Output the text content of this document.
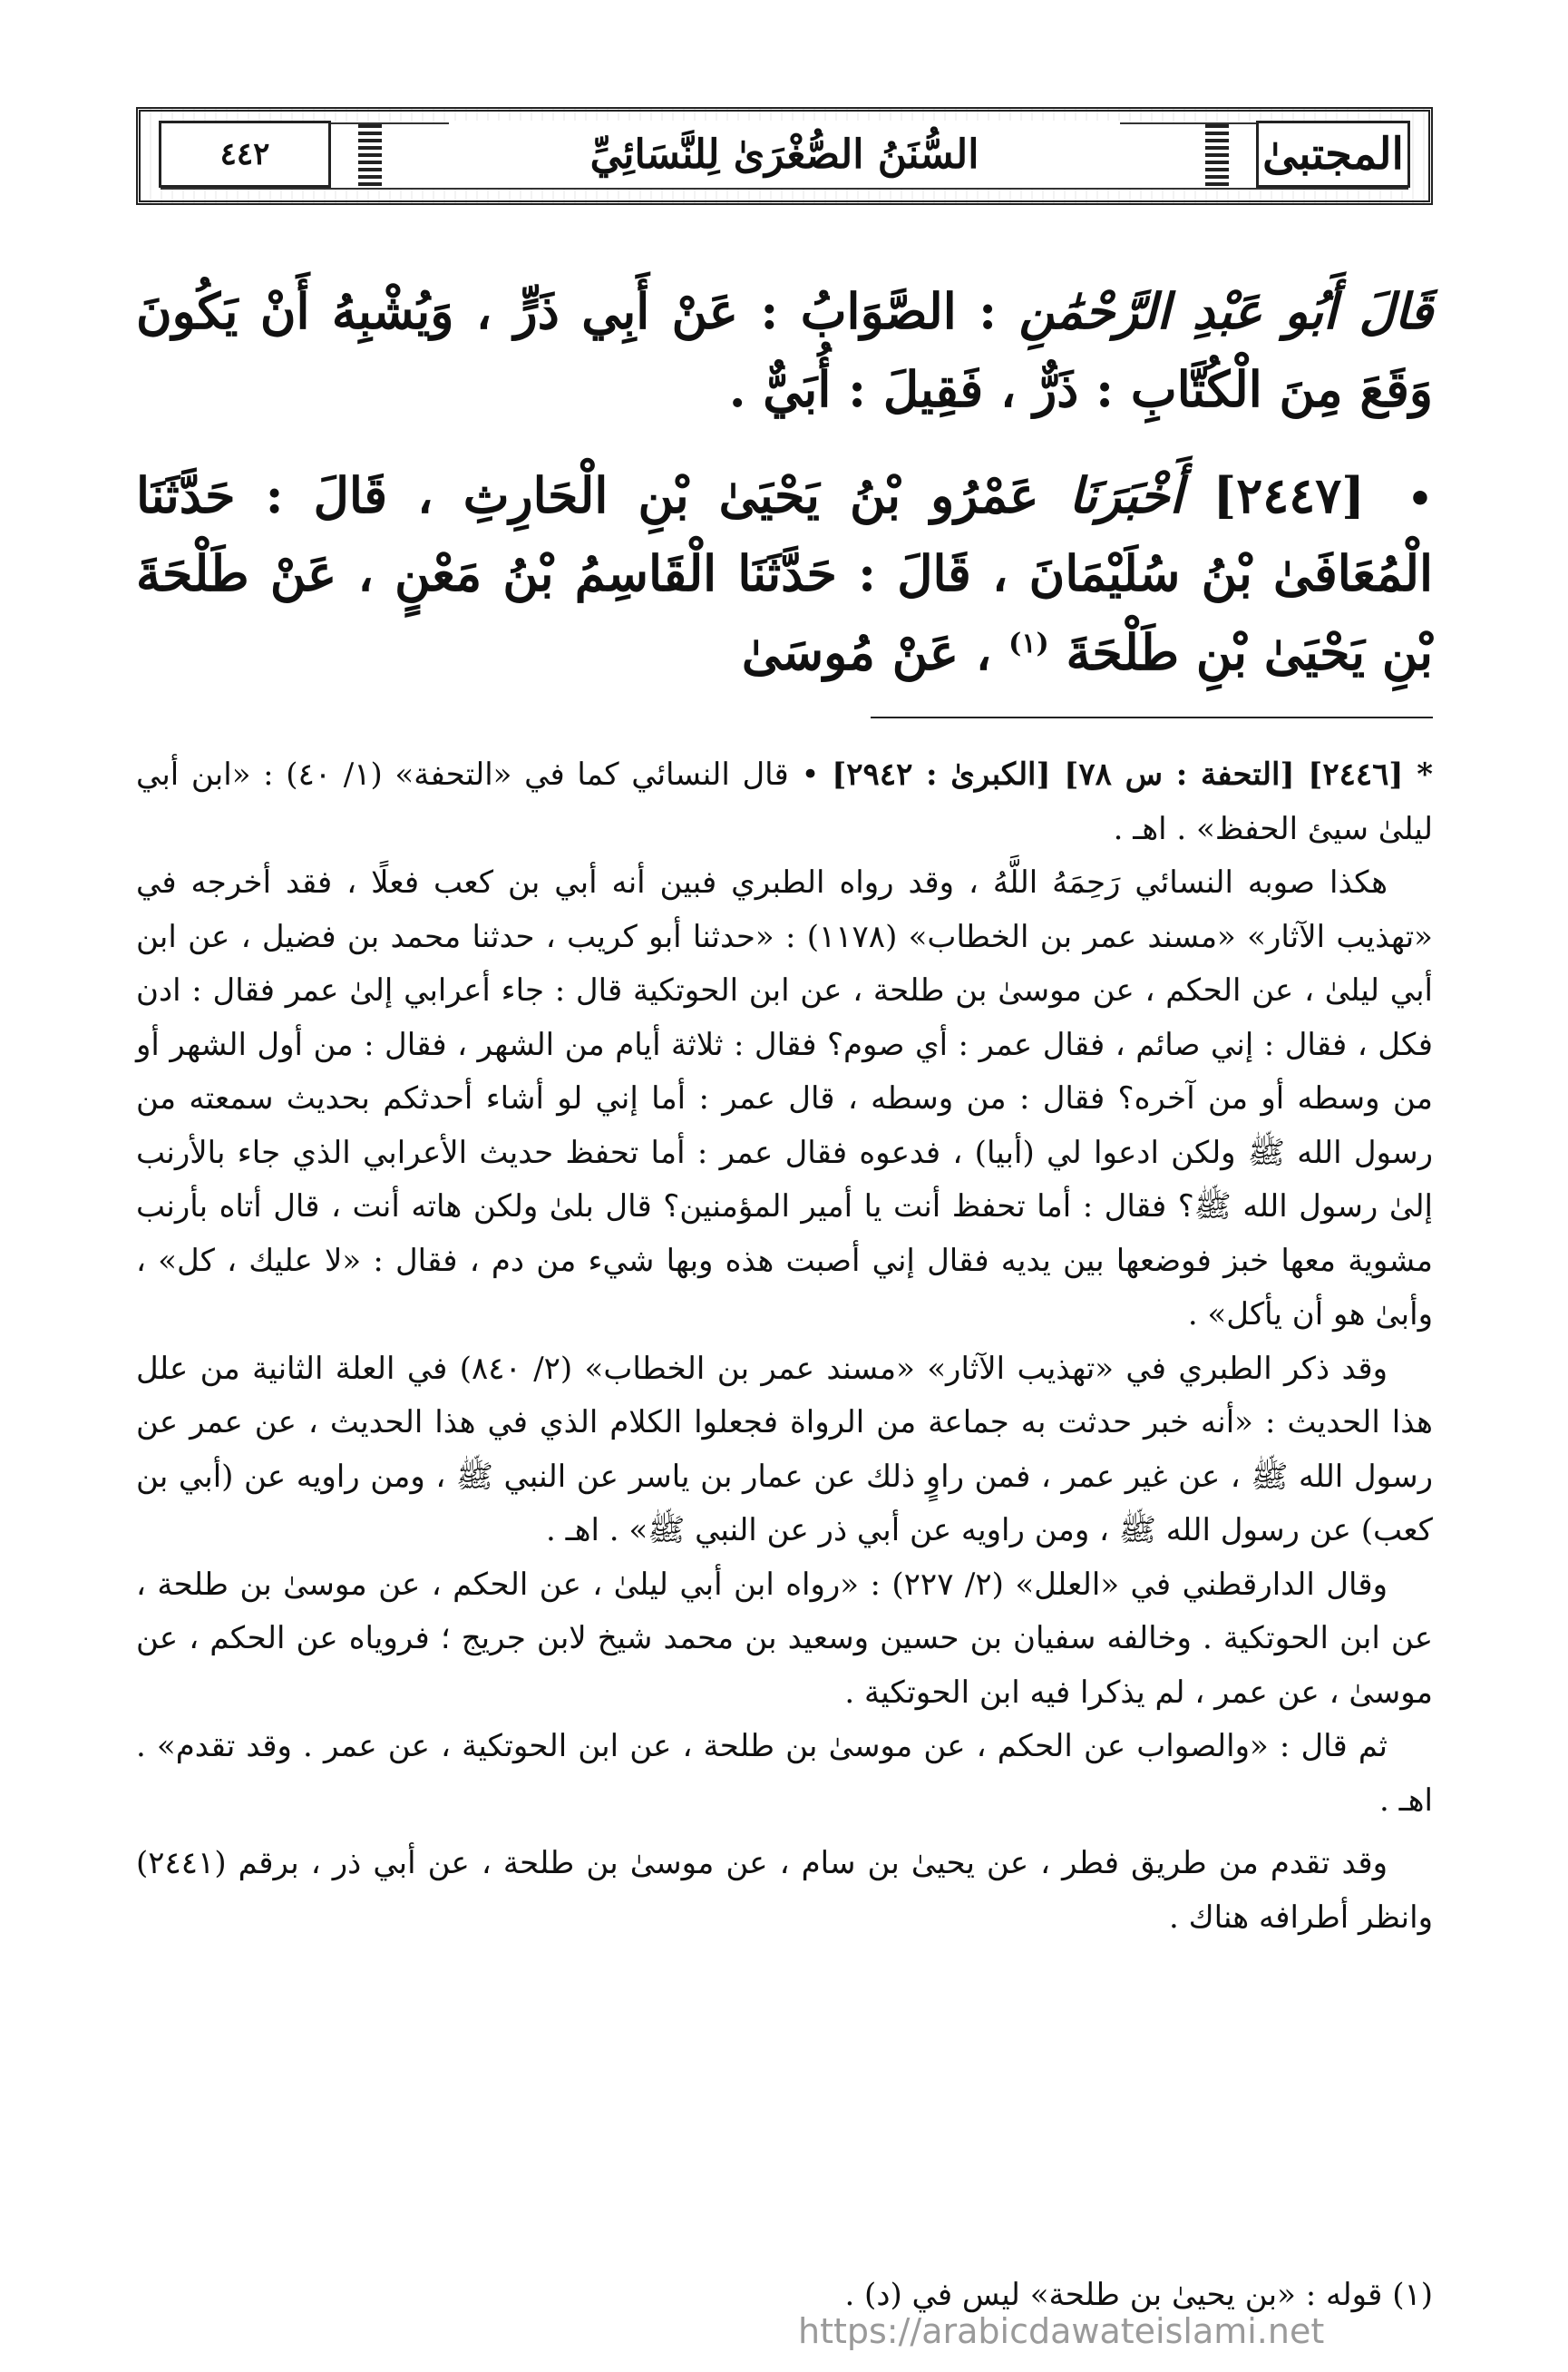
٤٤٢	السُّنَنُ الصُّغْرَىٰ لِلنَّسَائِيِّ	المجتبىٰ
قَالَ أَبُو عَبْدِ الرَّحْمَٰنِ : الصَّوَابُ : عَنْ أَبِي ذَرٍّ ، وَيُشْبِهُ أَنْ يَكُونَ وَقَعَ مِنَ الْكُتَّابِ : ذَرٌّ ، فَقِيلَ : أُبَيٌّ .
• [٢٤٤٧] أَخْبَرَنَا عَمْرُو بْنُ يَحْيَىٰ بْنِ الْحَارِثِ ، قَالَ : حَدَّثَنَا الْمُعَافَىٰ بْنُ سُلَيْمَانَ ، قَالَ : حَدَّثَنَا الْقَاسِمُ بْنُ مَعْنٍ ، عَنْ طَلْحَةَ بْنِ يَحْيَىٰ بْنِ طَلْحَةَ $^{(١)}$ ، عَنْ مُوسَىٰ

* [٢٤٤٦] [التحفة : س ٧٨] [الكبرىٰ : ٢٩٤٢] • قال النسائي كما في «التحفة» (١/ ٤٠) : «ابن أبي ليلىٰ سيئ الحفظ» . اهـ .

هكذا صوبه النسائي رَحِمَهُ اللَّهُ ، وقد رواه الطبري فبين أنه أبي بن كعب فعلًا ، فقد أخرجه في «تهذيب الآثار» «مسند عمر بن الخطاب» (١١٧٨) : «حدثنا أبو كريب ، حدثنا محمد بن فضيل ، عن ابن أبي ليلىٰ ، عن الحكم ، عن موسىٰ بن طلحة ، عن ابن الحوتكية قال : جاء أعرابي إلىٰ عمر فقال : ادن فكل ، فقال : إني صائم ، فقال عمر : أي صوم؟ فقال : ثلاثة أيام من الشهر ، فقال : من أول الشهر أو من وسطه أو من آخره؟ فقال : من وسطه ، قال عمر : أما إني لو أشاء أحدثكم بحديث سمعته من رسول الله ﷺ ولكن ادعوا لي (أبيا) ، فدعوه فقال عمر : أما تحفظ حديث الأعرابي الذي جاء بالأرنب إلىٰ رسول الله ﷺ؟ فقال : أما تحفظ أنت يا أمير المؤمنين؟ قال بلىٰ ولكن هاته أنت ، قال أتاه بأرنب مشوية معها خبز فوضعها بين يديه فقال إني أصبت هذه وبها شيء من دم ، فقال : «لا عليك ، كل» ، وأبىٰ هو أن يأكل» .

وقد ذكر الطبري في «تهذيب الآثار» «مسند عمر بن الخطاب» (٢/ ٨٤٠) في العلة الثانية من علل هذا الحديث : «أنه خبر حدثت به جماعة من الرواة فجعلوا الكلام الذي في هذا الحديث ، عن عمر عن رسول الله ﷺ ، عن غير عمر ، فمن راوٍ ذلك عن عمار بن ياسر عن النبي ﷺ ، ومن راويه عن (أبي بن كعب) عن رسول الله ﷺ ، ومن راويه عن أبي ذر عن النبي ﷺ» . اهـ .

وقال الدارقطني في «العلل» (٢/ ٢٢٧) : «رواه ابن أبي ليلىٰ ، عن الحكم ، عن موسىٰ بن طلحة ، عن ابن الحوتكية . وخالفه سفيان بن حسين وسعيد بن محمد شيخ لابن جريج ؛ فروياه عن الحكم ، عن موسىٰ ، عن عمر ، لم يذكرا فيه ابن الحوتكية .

ثم قال : «والصواب عن الحكم ، عن موسىٰ بن طلحة ، عن ابن الحوتكية ، عن عمر . وقد تقدم» . اهـ .

وقد تقدم من طريق فطر ، عن يحيىٰ بن سام ، عن موسىٰ بن طلحة ، عن أبي ذر ، برقم (٢٤٤١) وانظر أطرافه هناك .

(١) قوله : «بن يحيىٰ بن طلحة» ليس في (د) .
https://arabicdawateislami.net
